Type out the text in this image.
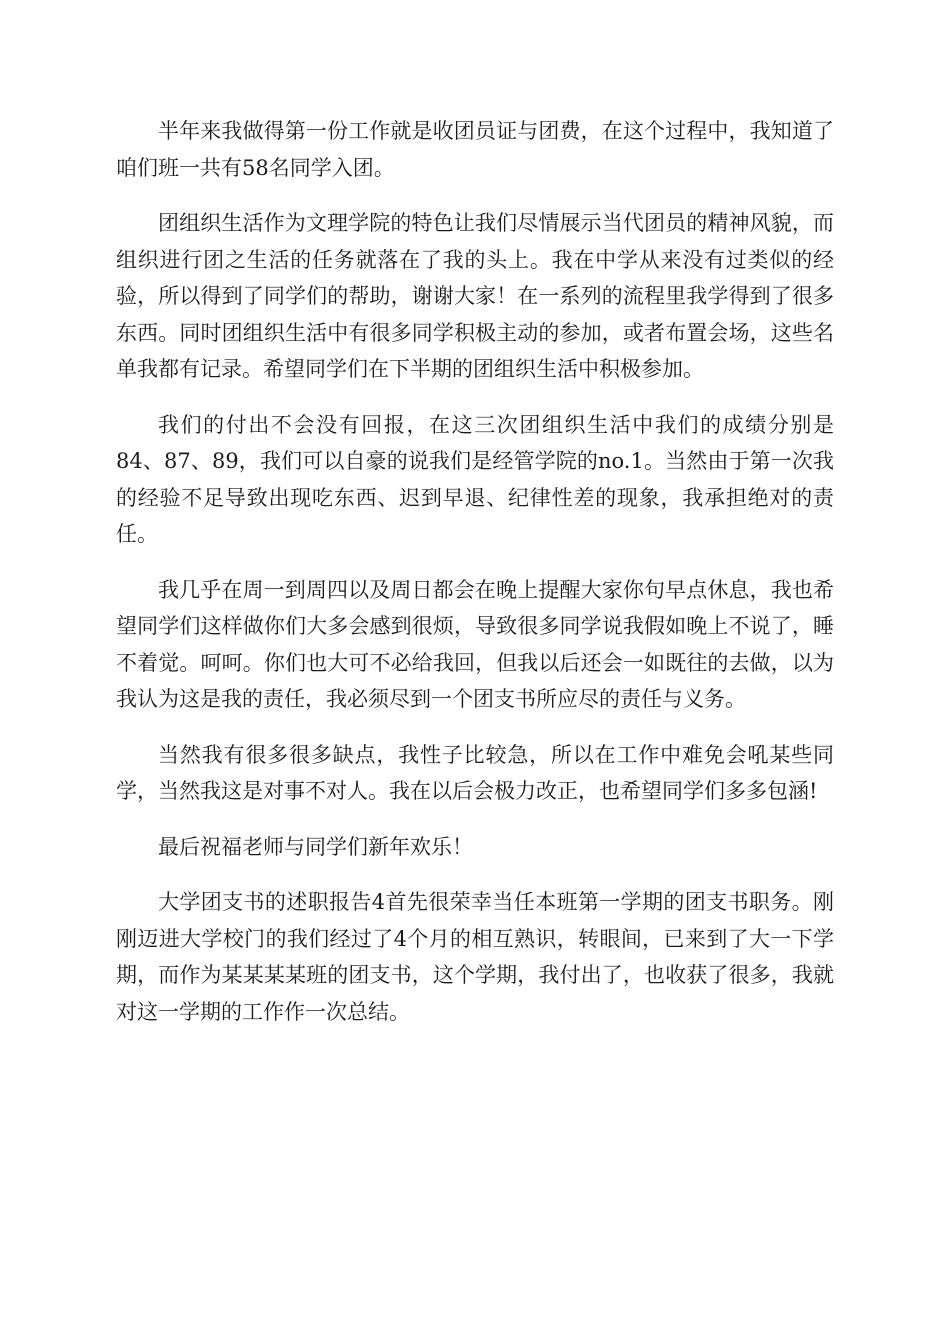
半年来我做得第一份工作就是收团员证与团费，在这个过程中，我知道了咱们班一共有58名同学入团。

团组织生活作为文理学院的特色让我们尽情展示当代团员的精神风貌，而组织进行团之生活的任务就落在了我的头上。我在中学从来没有过类似的经验，所以得到了同学们的帮助，谢谢大家！在一系列的流程里我学得到了很多东西。同时团组织生活中有很多同学积极主动的参加，或者布置会场，这些名单我都有记录。希望同学们在下半期的团组织生活中积极参加。

我们的付出不会没有回报，在这三次团组织生活中我们的成绩分别是84、87、89，我们可以自豪的说我们是经管学院的no.1。当然由于第一次我的经验不足导致出现吃东西、迟到早退、纪律性差的现象，我承担绝对的责任。

我几乎在周一到周四以及周日都会在晚上提醒大家你句早点休息，我也希望同学们这样做你们大多会感到很烦，导致很多同学说我假如晚上不说了，睡不着觉。呵呵。你们也大可不必给我回，但我以后还会一如既往的去做，以为我认为这是我的责任，我必须尽到一个团支书所应尽的责任与义务。

当然我有很多很多缺点，我性子比较急，所以在工作中难免会吼某些同学，当然我这是对事不对人。我在以后会极力改正，也希望同学们多多包涵!

最后祝福老师与同学们新年欢乐！

大学团支书的述职报告4首先很荣幸当任本班第一学期的团支书职务。刚刚迈进大学校门的我们经过了4个月的相互熟识，转眼间，已来到了大一下学期，而作为某某某某班的团支书，这个学期，我付出了，也收获了很多，我就对这一学期的工作作一次总结。
